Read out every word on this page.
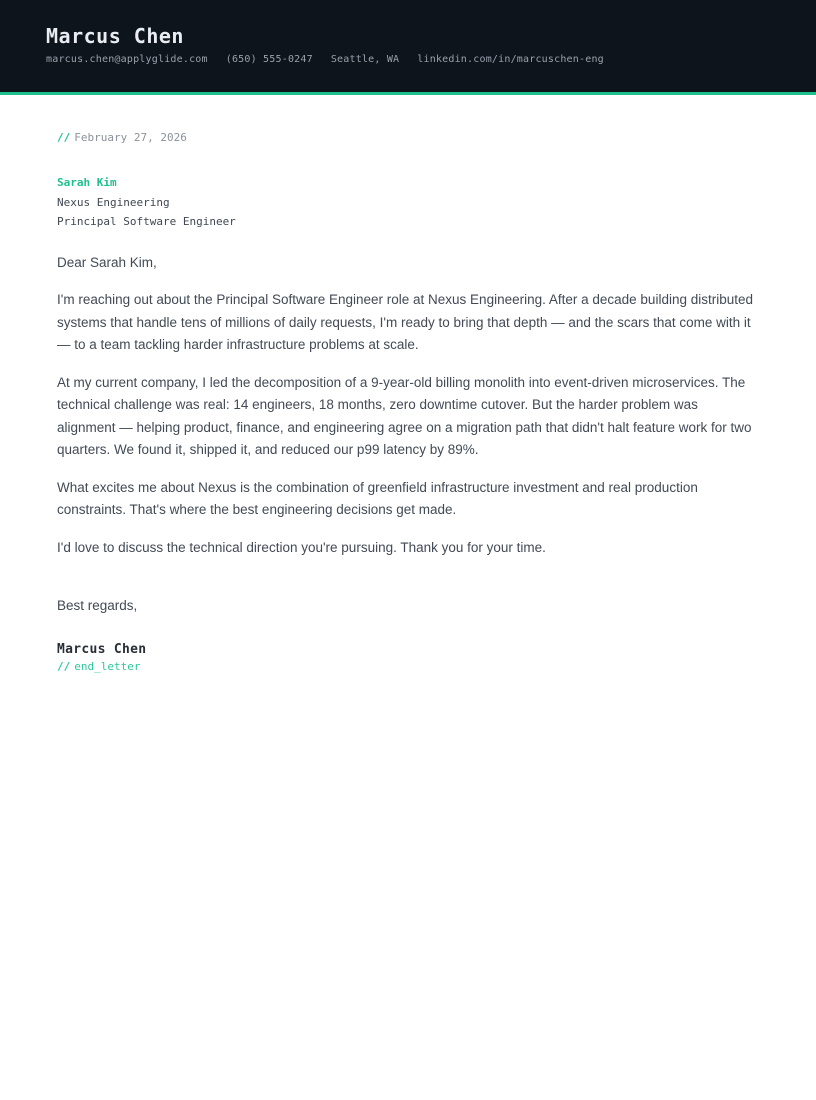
Marcus Chen
marcus.chen@applyglide.com (650) 555-0247 Seattle, WA linkedin.com/in/marcuschen-eng
// February 27, 2026
Sarah Kim
Nexus Engineering
Principal Software Engineer

Dear Sarah Kim,

I'm reaching out about the Principal Software Engineer role at Nexus Engineering. After a decade building distributed systems that handle tens of millions of daily requests, I'm ready to bring that depth — and the scars that come with it — to a team tackling harder infrastructure problems at scale.

At my current company, I led the decomposition of a 9-year-old billing monolith into event-driven microservices. The technical challenge was real: 14 engineers, 18 months, zero downtime cutover. But the harder problem was alignment — helping product, finance, and engineering agree on a migration path that didn't halt feature work for two quarters. We found it, shipped it, and reduced our p99 latency by 89%.

What excites me about Nexus is the combination of greenfield infrastructure investment and real production constraints. That's where the best engineering decisions get made.

I'd love to discuss the technical direction you're pursuing. Thank you for your time.

Best regards,

Marcus Chen
// end_letter
